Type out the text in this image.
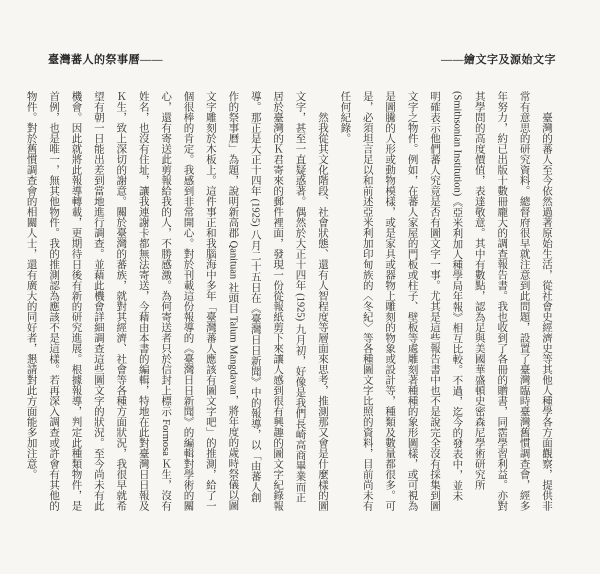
臺灣蕃人的祭事曆——	——繪文字及源始文字

臺灣的蕃人至今依然過著原始生活，從社會史經濟史等其他人種學各方面觀察，提供非常有意思的研究資料。總督府很早就注意到此問題，設置了臺灣臨時臺灣舊慣調查會，經多年努力，約已出版十數冊龐大的調查報告書。我也收到了各冊的贈書，同霑學習利益。亦對其學問的高度價值，表達敬意。其中有數點，認為足與美國華盛頓史密森尼學術研究所 (Smithsonian Institution)《亞米利加人種學局年報》相互比較。不過，迄今的發表中，並未明確表示他們蕃人究竟是否有圖文字一事。尤其是這些報告書中也不是說完全沒有採集到圖文字之物件。例如，在蕃人家屋的門板或柱子、壁板等處雕刻著種種的象形圖樣，或可視為是圖騰的人形或動物模樣，或是家具或器物上雕刻的物象或設計等，種類及數量都很多。可是，必須坦言足以和前述亞米利加印甸族的〈冬紀〉等各種圖文字比照的資料，目前尚未有任何紀錄。

然我從其文化階段、社會狀態、還有人智程度等層面來思考，推測那又會是什麼樣的圖文字，甚至一直疑惑著。偶然於大正十四年 (1925) 九月初，好像是我們長崎高商畢業而正居於臺灣的Ｋ君寄來的郵件裡面，發現一份從報紙剪下來讓人感到很有興趣的圖文字紀錄報導。那正是大正十四年 (1925) 八月二十五日在《臺灣日日新聞》中的報導，以「由蕃人創作的祭事曆」為題，說明新高郡 Qanituan 社頭目 Talum Mangdavan，將年度的歲時祭儀以圖文字雕刻於木板上。這件事正和我腦海中多年「臺灣蕃人應該有圖文字吧」的推測，給了一個很棒的肯定。我感到非常開心。對於刊載這份報導的《臺灣日日新聞》的編輯對學術的關心，還有寄送此剪報給我的人，不勝感激。為何寄送者只於信封上標示 Formosa Ｋ生，沒有姓名，也沒有住址，讓我連謝卡都無法寄送，今藉由本書的編輯，特地在此對臺灣日日報及Ｋ生，致上深切的謝意。關於臺灣的蕃族，就對其經濟、社會等各種方面狀況，我很早就希望有朝一日能出差到當地進行調查。並藉此機會詳細調查這些圖文字的狀況。至今尚未有此機會。因此就將此報導轉載，更期待日後有新的研究進展。根據報導，判定此種類物件，是首例，也是唯一，無其他物件。我的推測認為應該不是這樣。若再深入調查或許會有其他的物件。對於舊慣調查會的相關人士，還有廣大的同好者，懇請對此方面能多加注意。
